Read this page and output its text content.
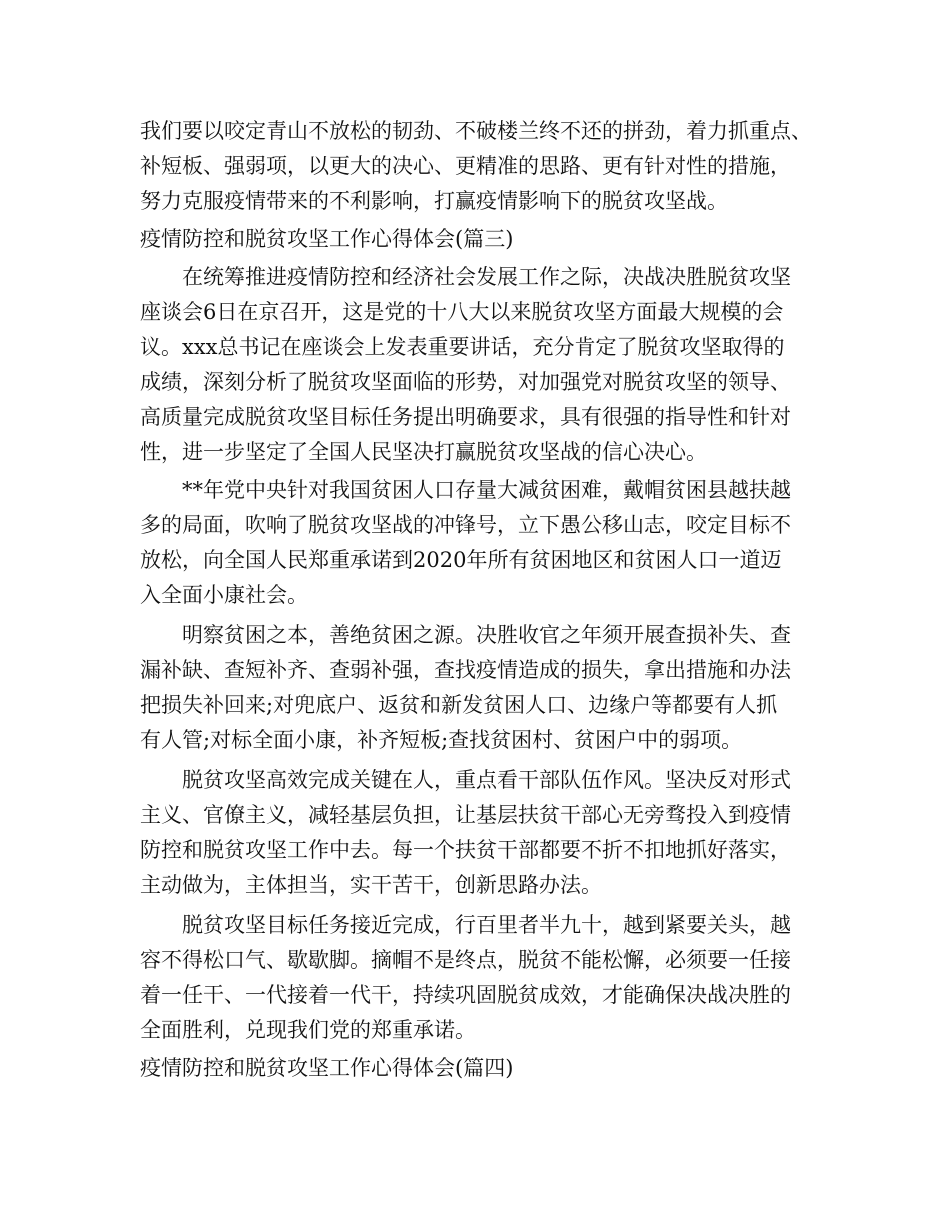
我们要以咬定青山不放松的韧劲、不破楼兰终不还的拼劲，着力抓重点、
补短板、强弱项，以更大的决心、更精准的思路、更有针对性的措施，
努力克服疫情带来的不利影响，打赢疫情影响下的脱贫攻坚战。
疫情防控和脱贫攻坚工作心得体会(篇三)
　　在统筹推进疫情防控和经济社会发展工作之际，决战决胜脱贫攻坚
座谈会6日在京召开，这是党的十八大以来脱贫攻坚方面最大规模的会
议。xxx总书记在座谈会上发表重要讲话，充分肯定了脱贫攻坚取得的
成绩，深刻分析了脱贫攻坚面临的形势，对加强党对脱贫攻坚的领导、
高质量完成脱贫攻坚目标任务提出明确要求，具有很强的指导性和针对
性，进一步坚定了全国人民坚决打赢脱贫攻坚战的信心决心。
　　**年党中央针对我国贫困人口存量大减贫困难，戴帽贫困县越扶越
多的局面，吹响了脱贫攻坚战的冲锋号，立下愚公移山志，咬定目标不
放松，向全国人民郑重承诺到2020年所有贫困地区和贫困人口一道迈
入全面小康社会。
　　明察贫困之本，善绝贫困之源。决胜收官之年须开展查损补失、查
漏补缺、查短补齐、查弱补强，查找疫情造成的损失，拿出措施和办法
把损失补回来;对兜底户、返贫和新发贫困人口、边缘户等都要有人抓
有人管;对标全面小康，补齐短板;查找贫困村、贫困户中的弱项。
　　脱贫攻坚高效完成关键在人，重点看干部队伍作风。坚决反对形式
主义、官僚主义，减轻基层负担，让基层扶贫干部心无旁骛投入到疫情
防控和脱贫攻坚工作中去。每一个扶贫干部都要不折不扣地抓好落实，
主动做为，主体担当，实干苦干，创新思路办法。
　　脱贫攻坚目标任务接近完成，行百里者半九十，越到紧要关头，越
容不得松口气、歇歇脚。摘帽不是终点，脱贫不能松懈，必须要一任接
着一任干、一代接着一代干，持续巩固脱贫成效，才能确保决战决胜的
全面胜利，兑现我们党的郑重承诺。
疫情防控和脱贫攻坚工作心得体会(篇四)
